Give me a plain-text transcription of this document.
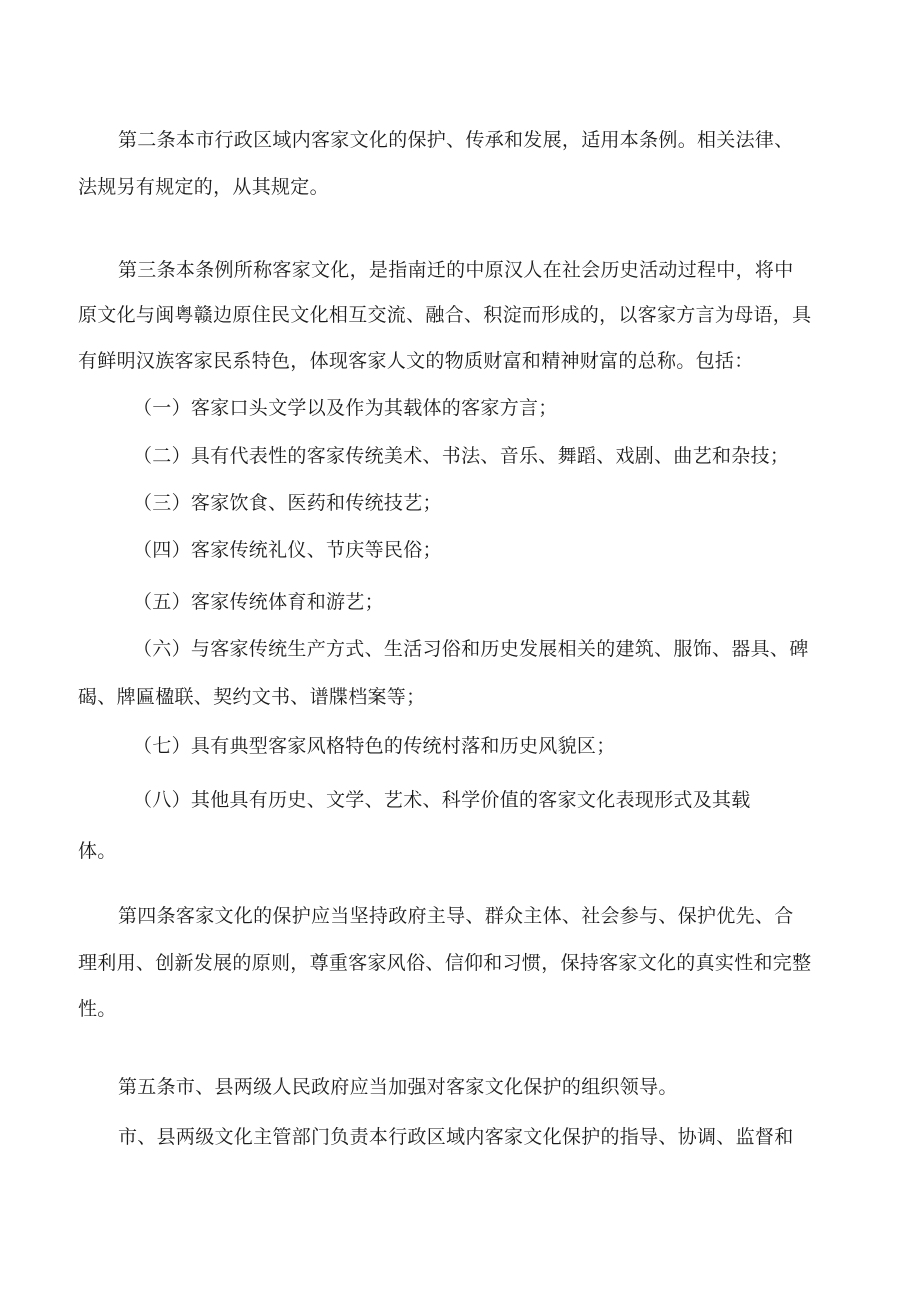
第二条本市行政区域内客家文化的保护、传承和发展，适用本条例。相关法律、
法规另有规定的，从其规定。
第三条本条例所称客家文化，是指南迁的中原汉人在社会历史活动过程中，将中
原文化与闽粤赣边原住民文化相互交流、融合、积淀而形成的，以客家方言为母语，具
有鲜明汉族客家民系特色，体现客家人文的物质财富和精神财富的总称。包括：
（一）客家口头文学以及作为其载体的客家方言；
（二）具有代表性的客家传统美术、书法、音乐、舞蹈、戏剧、曲艺和杂技；
（三）客家饮食、医药和传统技艺；
（四）客家传统礼仪、节庆等民俗；
（五）客家传统体育和游艺；
（六）与客家传统生产方式、生活习俗和历史发展相关的建筑、服饰、器具、碑
碣、牌匾楹联、契约文书、谱牒档案等；
（七）具有典型客家风格特色的传统村落和历史风貌区；
（八）其他具有历史、文学、艺术、科学价值的客家文化表现形式及其载
体。
第四条客家文化的保护应当坚持政府主导、群众主体、社会参与、保护优先、合
理利用、创新发展的原则，尊重客家风俗、信仰和习惯，保持客家文化的真实性和完整
性。
第五条市、县两级人民政府应当加强对客家文化保护的组织领导。
市、县两级文化主管部门负责本行政区域内客家文化保护的指导、协调、监督和
